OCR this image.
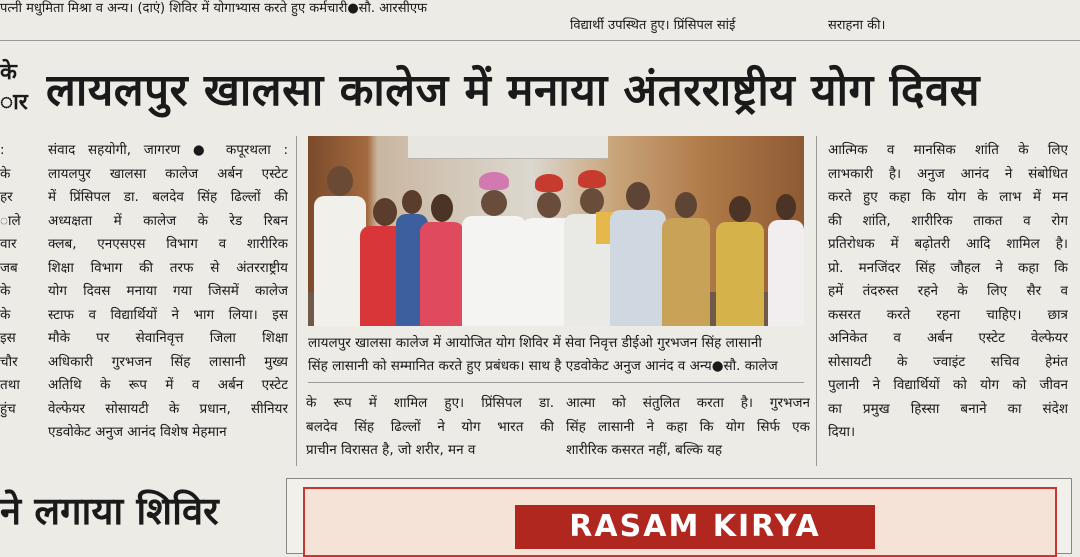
पत्नी मधुमिता मिश्रा व अन्य। (दाएं) शिविर में योगाभ्यास करते हुए कर्मचारी●सौ. आरसीएफ
विद्यार्थी उपस्थित हुए। प्रिंसिपल सांई	सराहना की।
के
ार
:
के
हर
ाले
वार
जब
के
के
इस
चौर
तथा
हुंच
लायलपुर खालसा कालेज में मनाया अंतरराष्ट्रीय योग दिवस
संवाद सहयोगी, जागरण ● कपूरथला :
लायलपुर खालसा कालेज अर्बन एस्टेट
में प्रिंसिपल डा. बलदेव सिंह ढिल्लों की
अध्यक्षता में कालेज के रेड रिबन
क्लब, एनएसएस विभाग व शारीरिक
शिक्षा विभाग की तरफ से अंतरराष्ट्रीय
योग दिवस मनाया गया जिसमें कालेज
स्टाफ व विद्यार्थियों ने भाग लिया। इस
मौके पर सेवानिवृत्त जिला शिक्षा
अधिकारी गुरभजन सिंह लासानी मुख्य
अतिथि के रूप में व अर्बन एस्टेट
वेल्फेयर सोसायटी के प्रधान, सीनियर
एडवोकेट अनुज आनंद विशेष मेहमान
लायलपुर खालसा कालेज में आयोजित योग शिविर में सेवा निवृत्त डीईओ गुरभजन सिंह लासानी
सिंह लासानी को सम्मानित करते हुए प्रबंधक। साथ है एडवोकेट अनुज आनंद व अन्य●सौ. कालेज
के रूप में शामिल हुए। प्रिंसिपल डा.
बलदेव सिंह ढिल्लों ने योग भारत की
प्राचीन विरासत है, जो शरीर, मन व
आत्मा को संतुलित करता है। गुरभजन
सिंह लासानी ने कहा कि योग सिर्फ एक
शारीरिक कसरत नहीं, बल्कि यह
आत्मिक व मानसिक शांति के लिए
लाभकारी है। अनुज आनंद ने संबोधित
करते हुए कहा कि योग के लाभ में मन
की शांति, शारीरिक ताकत व रोग
प्रतिरोधक में बढ़ोतरी आदि शामिल है।
प्रो. मनजिंदर सिंह जौहल ने कहा कि
हमें तंदरुस्त रहने के लिए सैर व
कसरत करते रहना चाहिए। छात्र
अनिकेत व अर्बन एस्टेट वेल्फेयर
सोसायटी के ज्वाइंट सचिव हेमंत
पुलानी ने विद्यार्थियों को योग को जीवन
का प्रमुख हिस्सा बनाने का संदेश
दिया।
ने लगाया शिविर	RASAM KIRYA
